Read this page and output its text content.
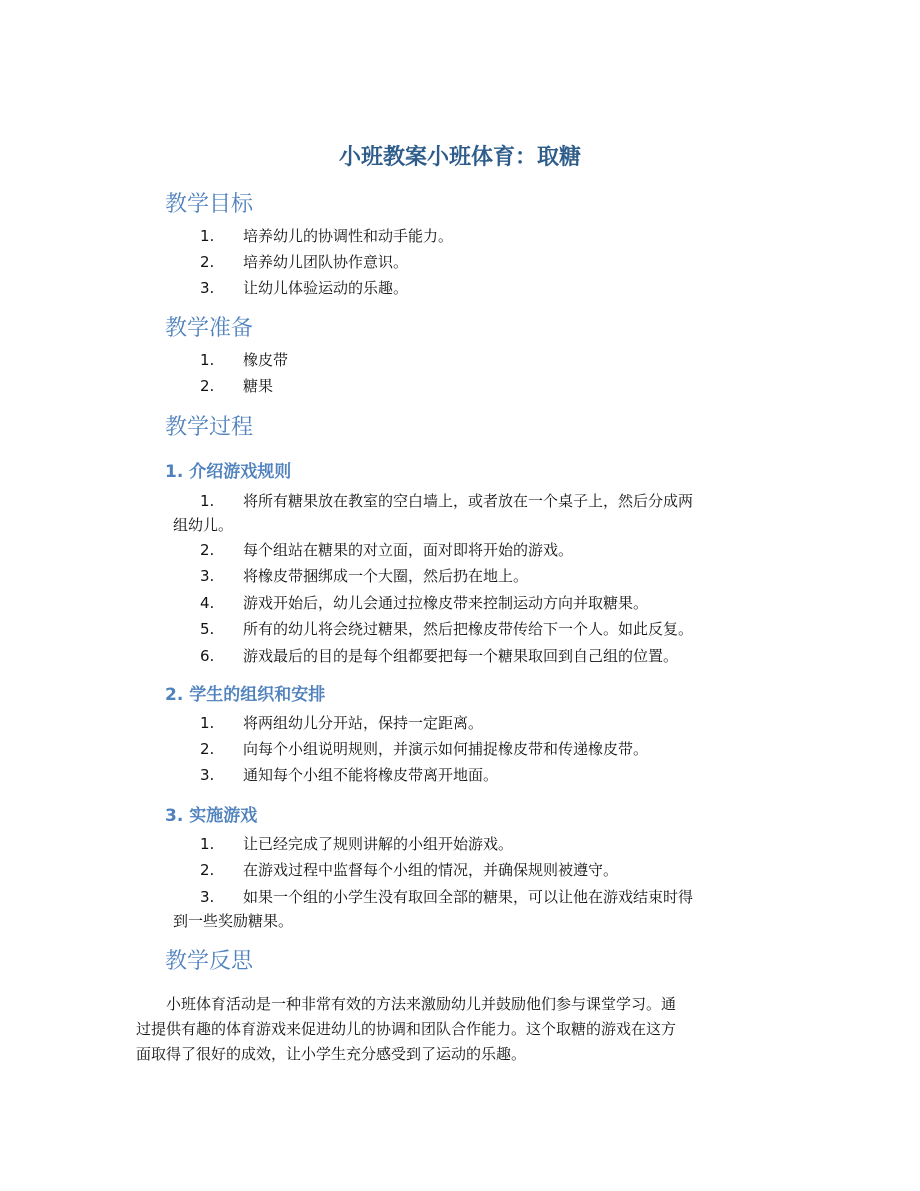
小班教案小班体育：取糖
教学目标
1.	培养幼儿的协调性和动手能力。
2.	培养幼儿团队协作意识。
3.	让幼儿体验运动的乐趣。
教学准备
1.	橡皮带
2.	糖果
教学过程
1. 介绍游戏规则
1.	将所有糖果放在教室的空白墙上，或者放在一个桌子上，然后分成两
组幼儿。
2.	每个组站在糖果的对立面，面对即将开始的游戏。
3.	将橡皮带捆绑成一个大圈，然后扔在地上。
4.	游戏开始后，幼儿会通过拉橡皮带来控制运动方向并取糖果。
5.	所有的幼儿将会绕过糖果，然后把橡皮带传给下一个人。如此反复。
6.	游戏最后的目的是每个组都要把每一个糖果取回到自己组的位置。
2. 学生的组织和安排
1.	将两组幼儿分开站，保持一定距离。
2.	向每个小组说明规则，并演示如何捕捉橡皮带和传递橡皮带。
3.	通知每个小组不能将橡皮带离开地面。
3. 实施游戏
1.	让已经完成了规则讲解的小组开始游戏。
2.	在游戏过程中监督每个小组的情况，并确保规则被遵守。
3.	如果一个组的小学生没有取回全部的糖果，可以让他在游戏结束时得
到一些奖励糖果。
教学反思
小班体育活动是一种非常有效的方法来激励幼儿并鼓励他们参与课堂学习。通
过提供有趣的体育游戏来促进幼儿的协调和团队合作能力。这个取糖的游戏在这方
面取得了很好的成效，让小学生充分感受到了运动的乐趣。
